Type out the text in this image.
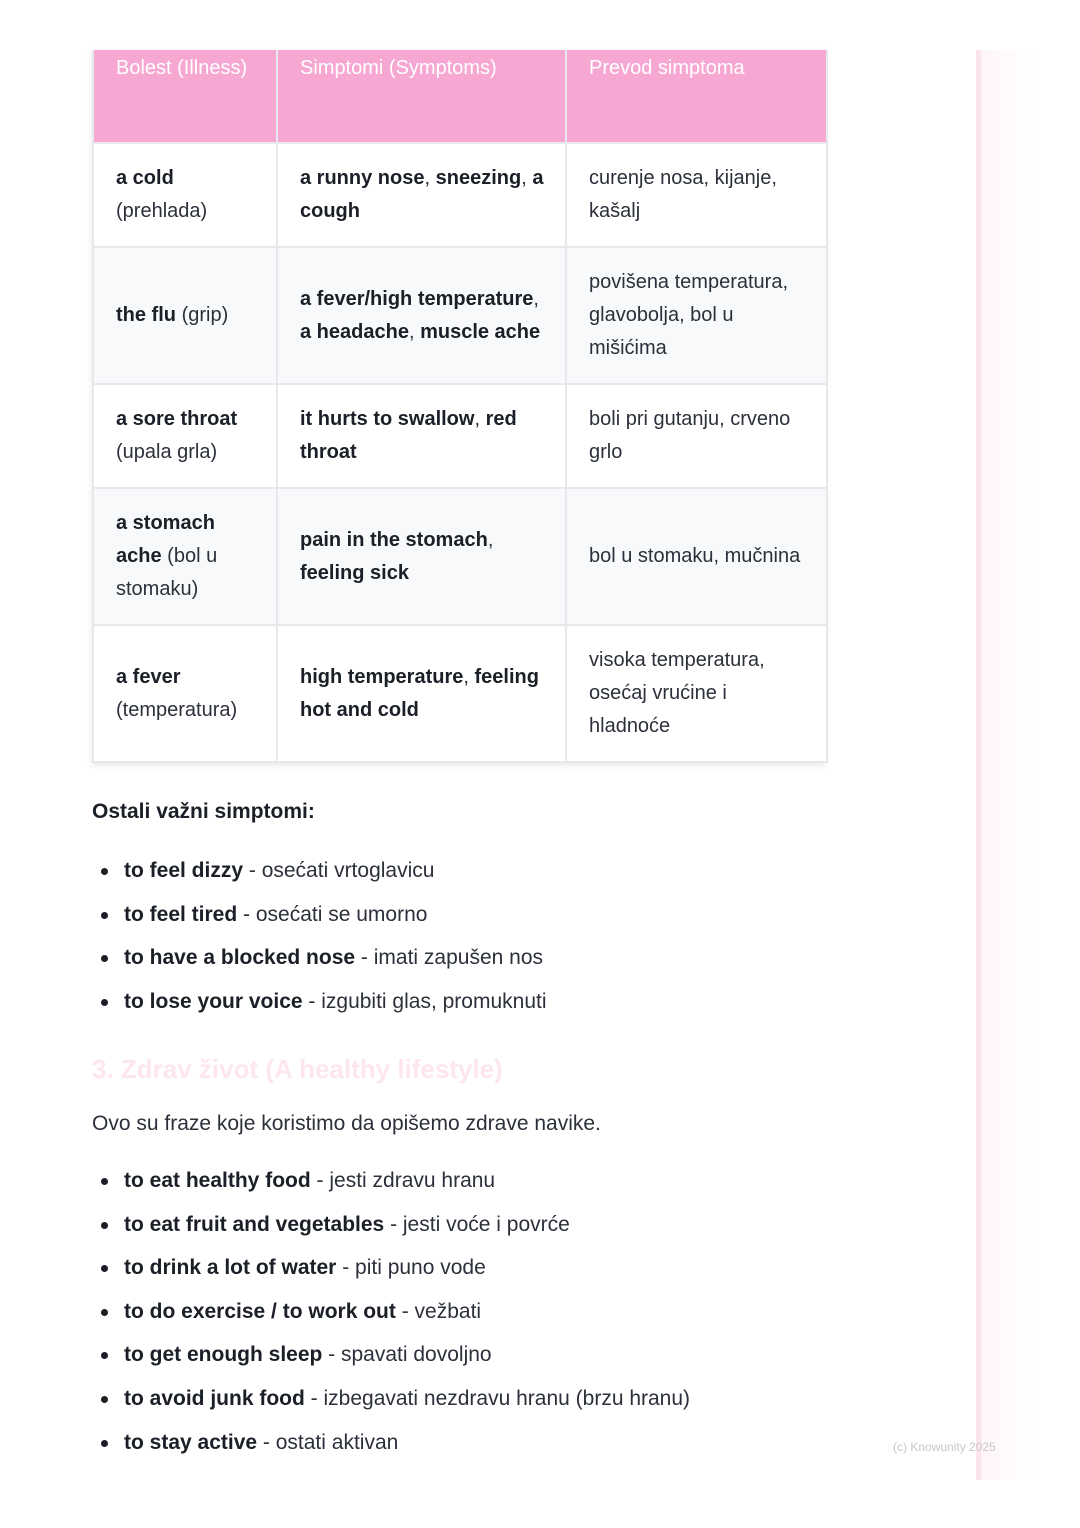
Bolest (Illness)	Simptomi (Symptoms)	Prevod simptoma
a cold (prehlada)	a runny nose, sneezing, a cough	curenje nosa, kijanje, kašalj
the flu (grip)	a fever/high temperature, a headache, muscle ache	povišena temperatura, glavobolja, bol u mišićima
a sore throat (upala grla)	it hurts to swallow, red throat	boli pri gutanju, crveno grlo
a stomach ache (bol u stomaku)	pain in the stomach, feeling sick	bol u stomaku, mučnina
a fever (temperatura)	high temperature, feeling hot and cold	visoka temperatura, osećaj vrućine i hladnoće

Ostali važni simptomi:

to feel dizzy - osećati vrtoglavicu
to feel tired - osećati se umorno
to have a blocked nose - imati zapušen nos
to lose your voice - izgubiti glas, promuknuti
3. Zdrav život (A healthy lifestyle)

Ovo su fraze koje koristimo da opišemo zdrave navike.

to eat healthy food - jesti zdravu hranu
to eat fruit and vegetables - jesti voće i povrće
to drink a lot of water - piti puno vode
to do exercise / to work out - vežbati
to get enough sleep - spavati dovoljno
to avoid junk food - izbegavati nezdravu hranu (brzu hranu)
to stay active - ostati aktivan	(c) Knowunity 2025
